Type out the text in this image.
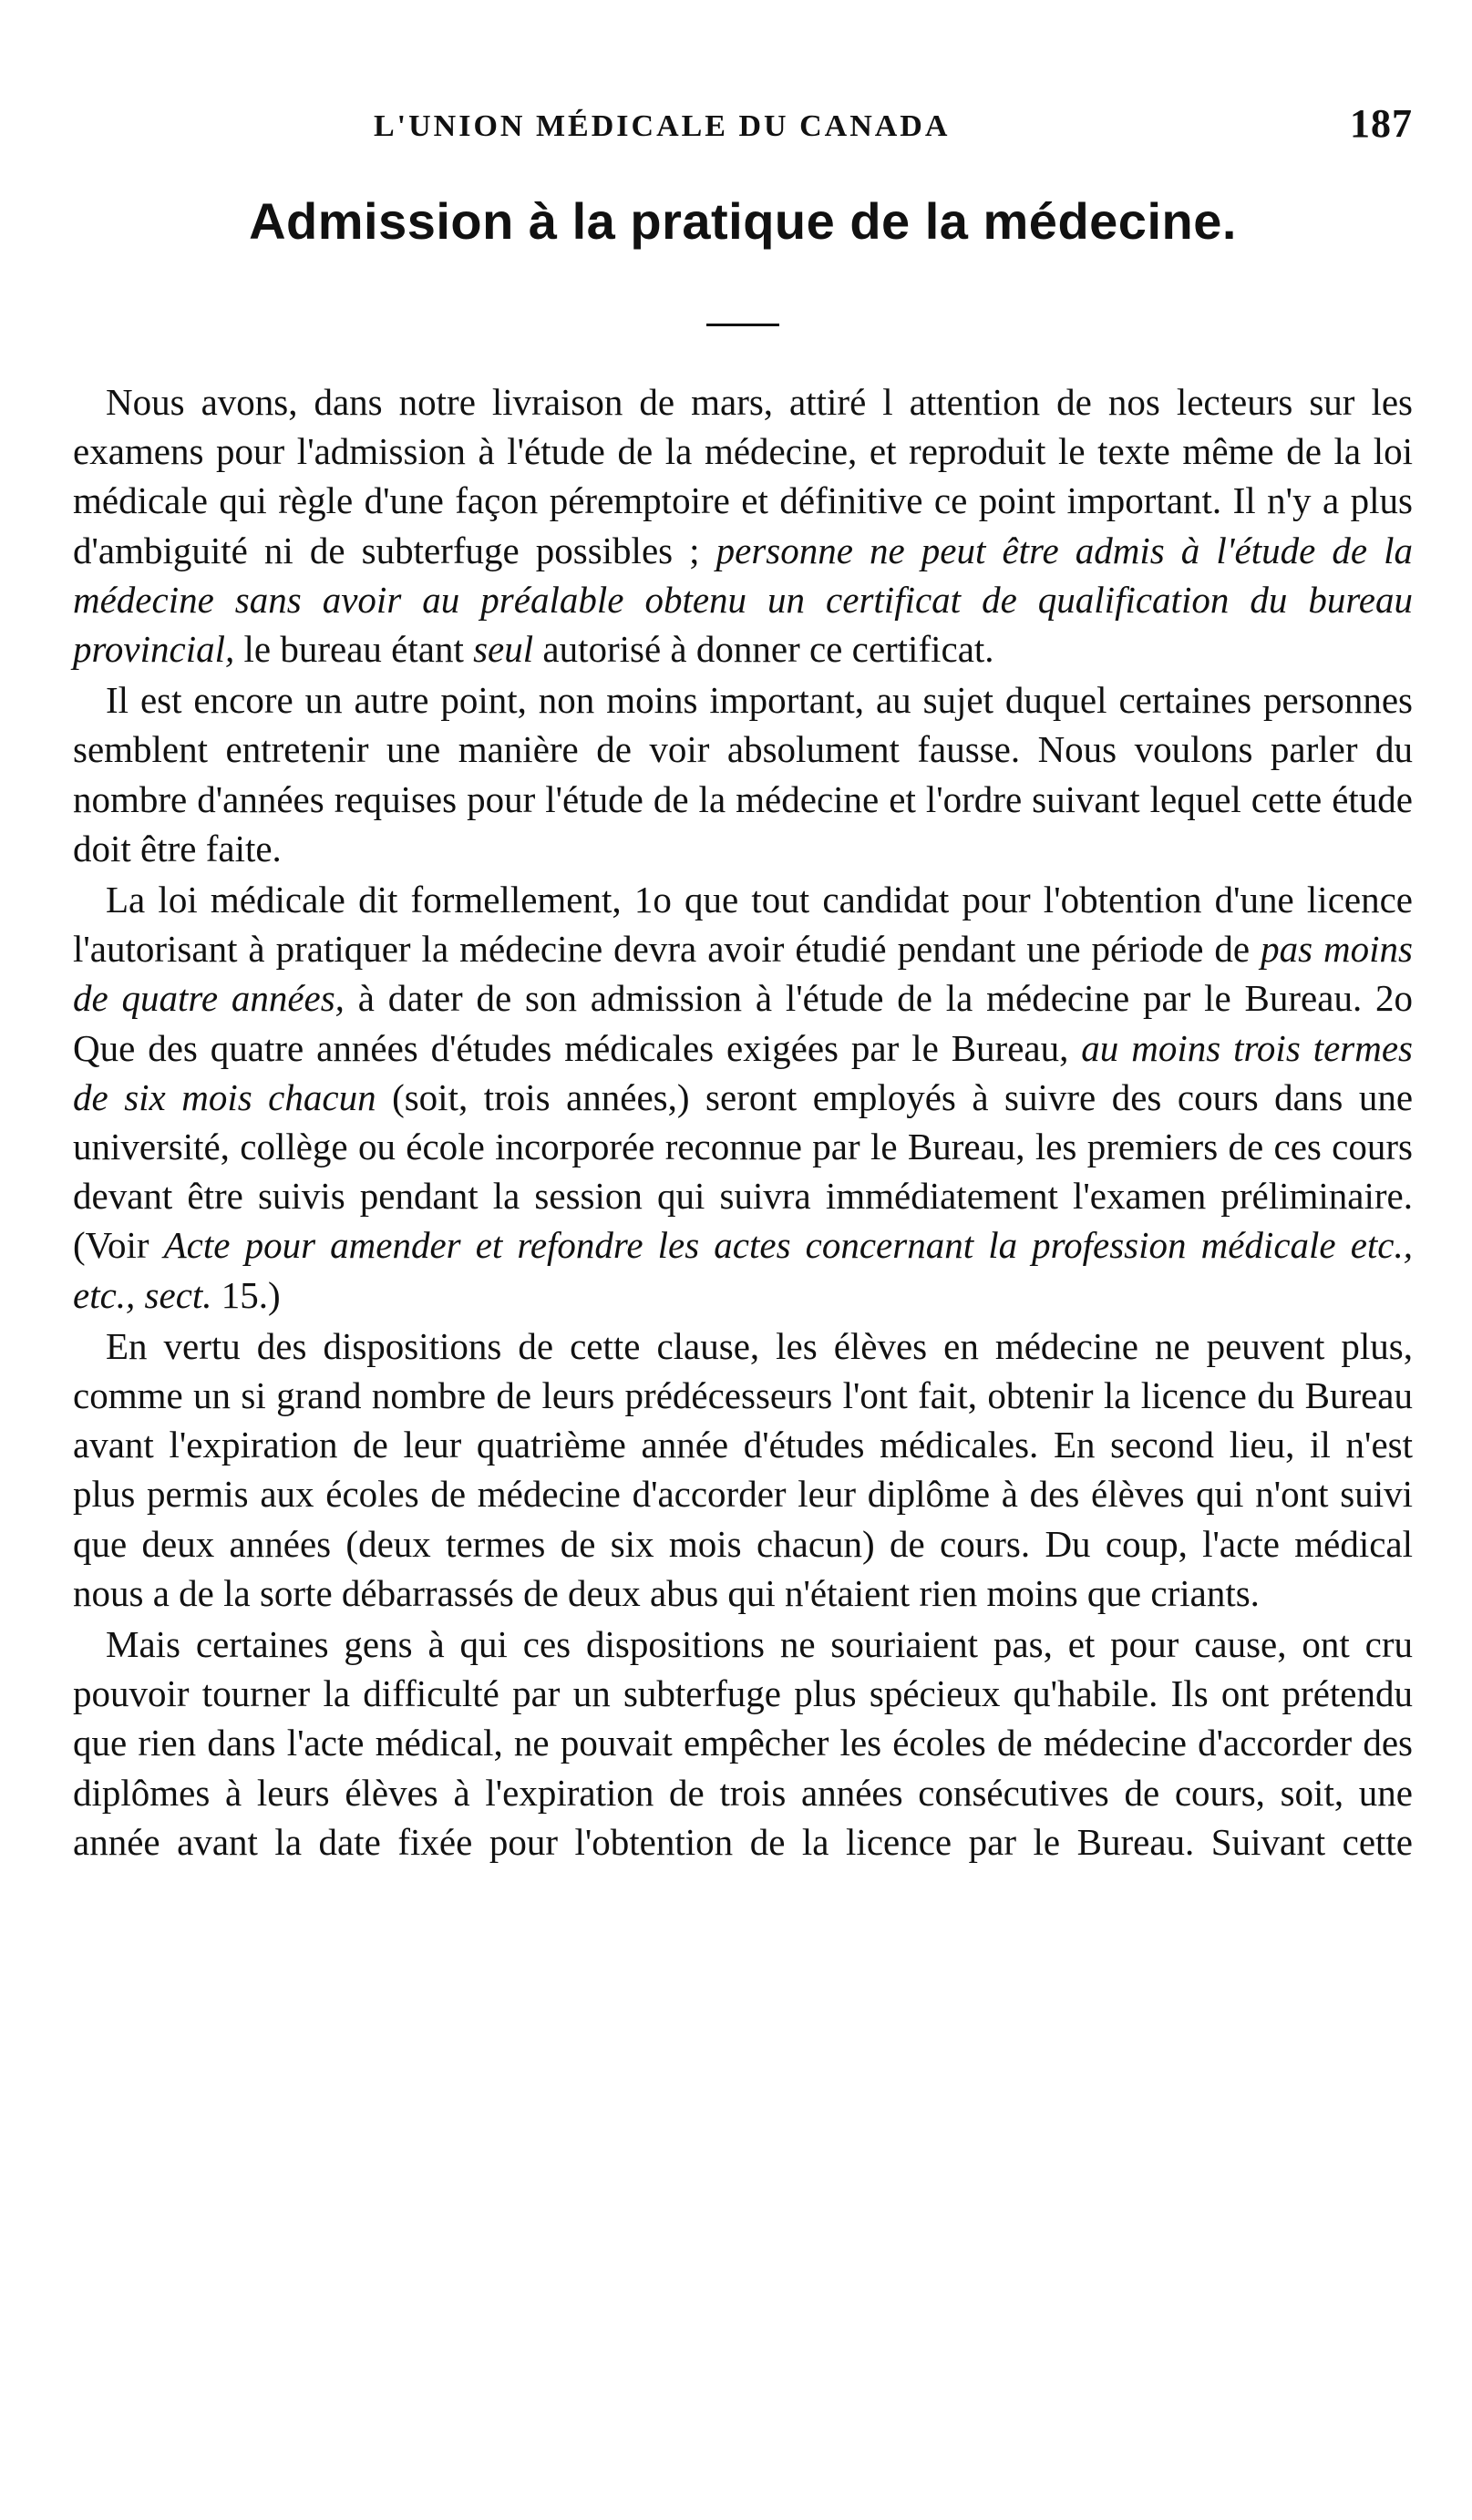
L'UNION MÉDICALE DU CANADA	187
Admission à la pratique de la médecine.

Nous avons, dans notre livraison de mars, attiré l attention de nos lecteurs sur les examens pour l'admission à l'étude de la médecine, et reproduit le texte même de la loi médicale qui règle d'une façon péremptoire et définitive ce point important. Il n'y a plus d'ambiguité ni de subterfuge possibles ; personne ne peut être admis à l'étude de la médecine sans avoir au préalable obtenu un certificat de qualification du bureau provincial, le bureau étant seul autorisé à donner ce certificat.

Il est encore un autre point, non moins important, au sujet duquel certaines personnes semblent entretenir une manière de voir absolument fausse. Nous voulons parler du nombre d'années requises pour l'étude de la médecine et l'ordre suivant lequel cette étude doit être faite.

La loi médicale dit formellement, 1o que tout candidat pour l'obtention d'une licence l'autorisant à pratiquer la médecine devra avoir étudié pendant une période de pas moins de quatre années, à dater de son admission à l'étude de la médecine par le Bureau. 2o Que des quatre années d'études médicales exigées par le Bureau, au moins trois termes de six mois chacun (soit, trois années,) seront employés à suivre des cours dans une université, collège ou école incorporée reconnue par le Bureau, les premiers de ces cours devant être suivis pendant la session qui suivra immédiatement l'examen préliminaire. (Voir Acte pour amender et refondre les actes concernant la profession médicale etc., etc., sect. 15.)

En vertu des dispositions de cette clause, les élèves en médecine ne peuvent plus, comme un si grand nombre de leurs prédécesseurs l'ont fait, obtenir la licence du Bureau avant l'expiration de leur quatrième année d'études médicales. En second lieu, il n'est plus permis aux écoles de médecine d'accorder leur diplôme à des élèves qui n'ont suivi que deux années (deux termes de six mois chacun) de cours. Du coup, l'acte médical nous a de la sorte débarrassés de deux abus qui n'étaient rien moins que criants.

Mais certaines gens à qui ces dispositions ne souriaient pas, et pour cause, ont cru pouvoir tourner la difficulté par un subterfuge plus spécieux qu'habile. Ils ont prétendu que rien dans l'acte médical, ne pouvait empêcher les écoles de médecine d'accorder des diplômes à leurs élèves à l'expiration de trois années consécutives de cours, soit, une année avant la date fixée pour l'obtention de la licence par le Bureau. Suivant cette
